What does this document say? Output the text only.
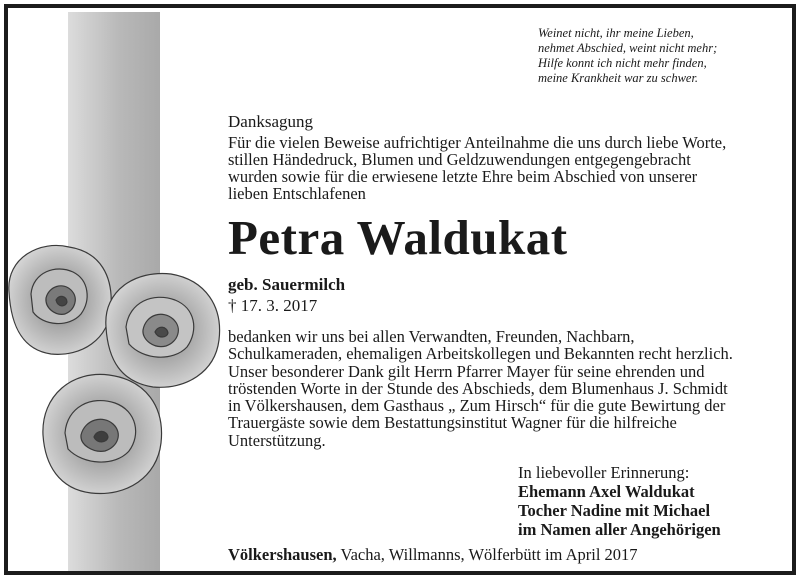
Weinet nicht, ihr meine Lieben,
nehmet Abschied, weint nicht mehr;
Hilfe konnt ich nicht mehr finden,
meine Krankheit war zu schwer.
Danksagung
Für die vielen Beweise aufrichtiger Anteilnahme die uns durch liebe Worte,
stillen Händedruck, Blumen und Geldzuwendungen entgegengebracht
wurden sowie für die erwiesene letzte Ehre beim Abschied von unserer
lieben Entschlafenen
Petra Waldukat
geb. Sauermilch
† 17. 3. 2017
bedanken wir uns bei allen Verwandten, Freunden, Nachbarn,
Schulkameraden, ehemaligen Arbeitskollegen und Bekannten recht herzlich.
Unser besonderer Dank gilt Herrn Pfarrer Mayer für seine ehrenden und
tröstenden Worte in der Stunde des Abschieds, dem Blumenhaus J. Schmidt
in Völkershausen, dem Gasthaus „ Zum Hirsch“ für die gute Bewirtung der
Trauergäste sowie dem Bestattungsinstitut Wagner für die hilfreiche
Unterstützung.
In liebevoller Erinnerung:
Ehemann Axel Waldukat
Tocher Nadine mit Michael
im Namen aller Angehörigen
Völkershausen, Vacha, Willmanns, Wölferbütt im April 2017
